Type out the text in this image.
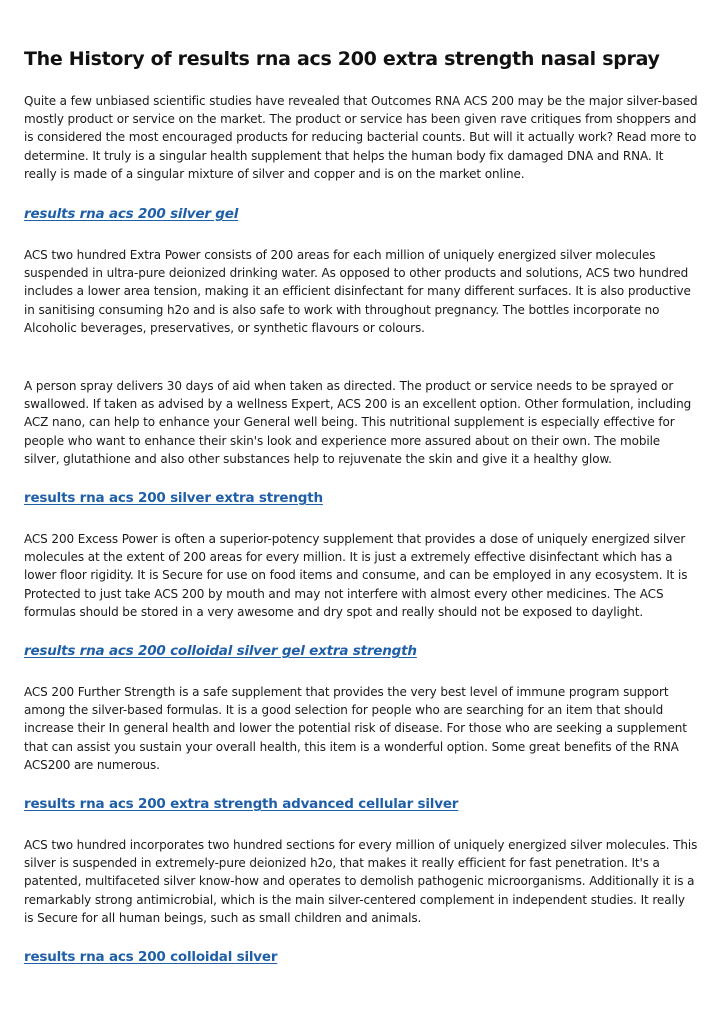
The History of results rna acs 200 extra strength nasal spray

Quite a few unbiased scientific studies have revealed that Outcomes RNA ACS 200 may be the major silver-based mostly product or service on the market. The product or service has been given rave critiques from shoppers and is considered the most encouraged products for reducing bacterial counts. But will it actually work? Read more to determine. It truly is a singular health supplement that helps the human body fix damaged DNA and RNA. It really is made of a singular mixture of silver and copper and is on the market online.

results rna acs 200 silver gel

ACS two hundred Extra Power consists of 200 areas for each million of uniquely energized silver molecules suspended in ultra-pure deionized drinking water. As opposed to other products and solutions, ACS two hundred includes a lower area tension, making it an efficient disinfectant for many different surfaces. It is also productive in sanitising consuming h2o and is also safe to work with throughout pregnancy. The bottles incorporate no Alcoholic beverages, preservatives, or synthetic flavours or colours.

A person spray delivers 30 days of aid when taken as directed. The product or service needs to be sprayed or swallowed. If taken as advised by a wellness Expert, ACS 200 is an excellent option. Other formulation, including ACZ nano, can help to enhance your General well being. This nutritional supplement is especially effective for people who want to enhance their skin's look and experience more assured about on their own. The mobile silver, glutathione and also other substances help to rejuvenate the skin and give it a healthy glow.

results rna acs 200 silver extra strength

ACS 200 Excess Power is often a superior-potency supplement that provides a dose of uniquely energized silver molecules at the extent of 200 areas for every million. It is just a extremely effective disinfectant which has a lower floor rigidity. It is Secure for use on food items and consume, and can be employed in any ecosystem. It is Protected to just take ACS 200 by mouth and may not interfere with almost every other medicines. The ACS formulas should be stored in a very awesome and dry spot and really should not be exposed to daylight.

results rna acs 200 colloidal silver gel extra strength

ACS 200 Further Strength is a safe supplement that provides the very best level of immune program support among the silver-based formulas. It is a good selection for people who are searching for an item that should increase their In general health and lower the potential risk of disease. For those who are seeking a supplement that can assist you sustain your overall health, this item is a wonderful option. Some great benefits of the RNA ACS200 are numerous.

results rna acs 200 extra strength advanced cellular silver

ACS two hundred incorporates two hundred sections for every million of uniquely energized silver molecules. This silver is suspended in extremely-pure deionized h2o, that makes it really efficient for fast penetration. It's a patented, multifaceted silver know-how and operates to demolish pathogenic microorganisms. Additionally it is a remarkably strong antimicrobial, which is the main silver-centered complement in independent studies. It really is Secure for all human beings, such as small children and animals.

results rna acs 200 colloidal silver
